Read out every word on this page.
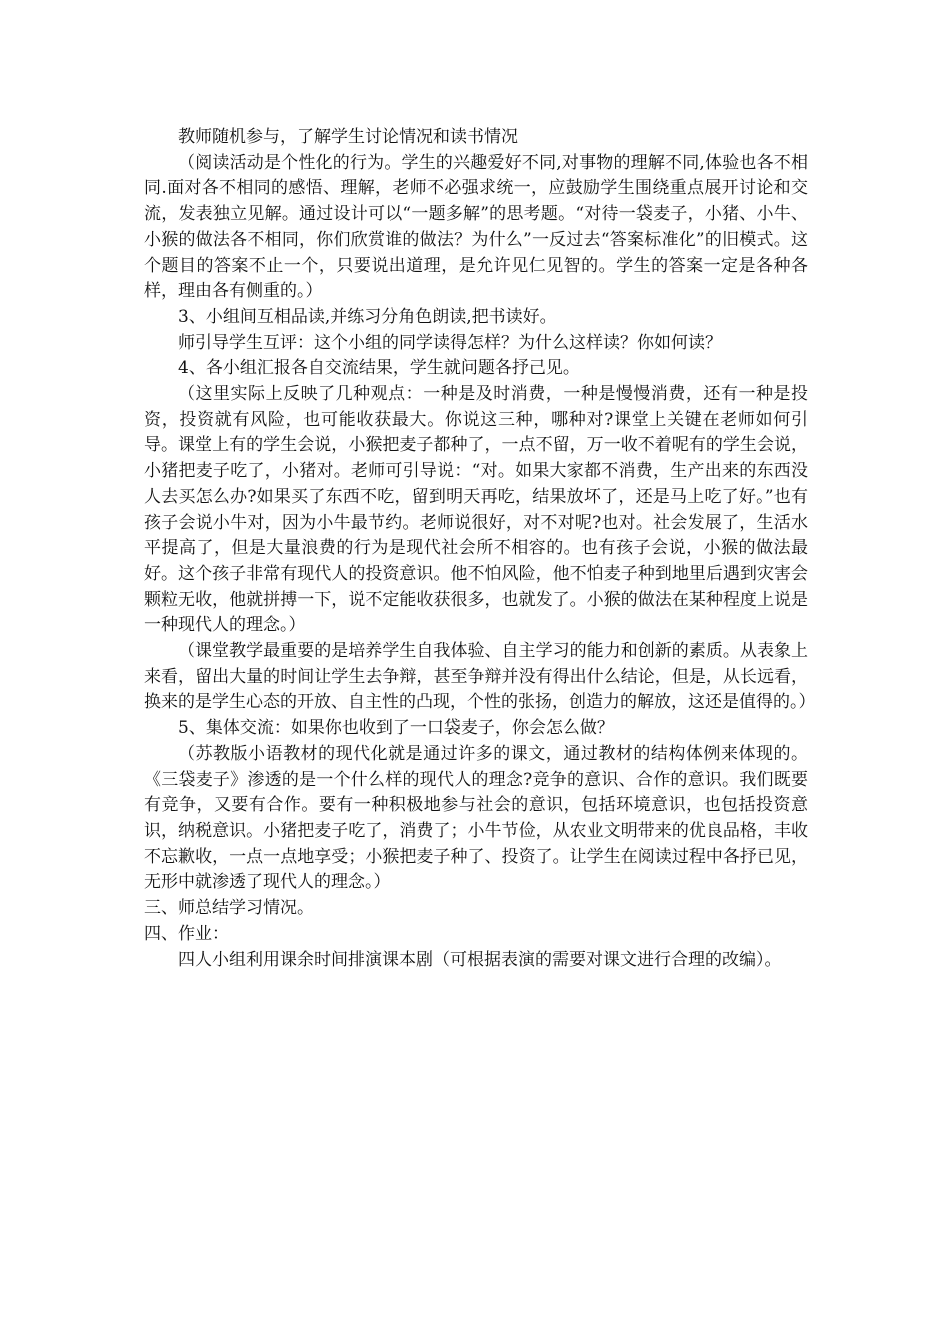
教师随机参与，了解学生讨论情况和读书情况

（阅读活动是个性化的行为。学生的兴趣爱好不同,对事物的理解不同,体验也各不相同.面对各不相同的感悟、理解，老师不必强求统一，应鼓励学生围绕重点展开讨论和交流，发表独立见解。通过设计可以“一题多解”的思考题。“对待一袋麦子，小猪、小牛、小猴的做法各不相同，你们欣赏谁的做法？为什么”一反过去“答案标准化”的旧模式。这个题目的答案不止一个，只要说出道理，是允许见仁见智的。学生的答案一定是各种各样，理由各有侧重的。）

3、小组间互相品读,并练习分角色朗读,把书读好。

师引导学生互评：这个小组的同学读得怎样？为什么这样读？你如何读？

4、各小组汇报各自交流结果，学生就问题各抒己见。

（这里实际上反映了几种观点：一种是及时消费，一种是慢慢消费，还有一种是投资，投资就有风险，也可能收获最大。你说这三种，哪种对?课堂上关键在老师如何引导。课堂上有的学生会说，小猴把麦子都种了，一点不留，万一收不着呢有的学生会说，小猪把麦子吃了，小猪对。老师可引导说：“对。如果大家都不消费，生产出来的东西没人去买怎么办?如果买了东西不吃，留到明天再吃，结果放坏了，还是马上吃了好。”也有孩子会说小牛对，因为小牛最节约。老师说很好，对不对呢?也对。社会发展了，生活水平提高了，但是大量浪费的行为是现代社会所不相容的。也有孩子会说，小猴的做法最好。这个孩子非常有现代人的投资意识。他不怕风险，他不怕麦子种到地里后遇到灾害会颗粒无收，他就拼搏一下，说不定能收获很多，也就发了。小猴的做法在某种程度上说是一种现代人的理念。）

（课堂教学最重要的是培养学生自我体验、自主学习的能力和创新的素质。从表象上来看，留出大量的时间让学生去争辩，甚至争辩并没有得出什么结论，但是，从长远看，换来的是学生心态的开放、自主性的凸现，个性的张扬，创造力的解放，这还是值得的。）

5、集体交流：如果你也收到了一口袋麦子，你会怎么做？

（苏教版小语教材的现代化就是通过许多的课文，通过教材的结构体例来体现的。《三袋麦子》渗透的是一个什么样的现代人的理念?竞争的意识、合作的意识。我们既要有竞争，又要有合作。要有一种积极地参与社会的意识，包括环境意识，也包括投资意识，纳税意识。小猪把麦子吃了，消费了；小牛节俭，从农业文明带来的优良品格，丰收不忘歉收，一点一点地享受；小猴把麦子种了、投资了。让学生在阅读过程中各抒已见，无形中就渗透了现代人的理念。）

三、师总结学习情况。

四、作业：

四人小组利用课余时间排演课本剧（可根据表演的需要对课文进行合理的改编）。
